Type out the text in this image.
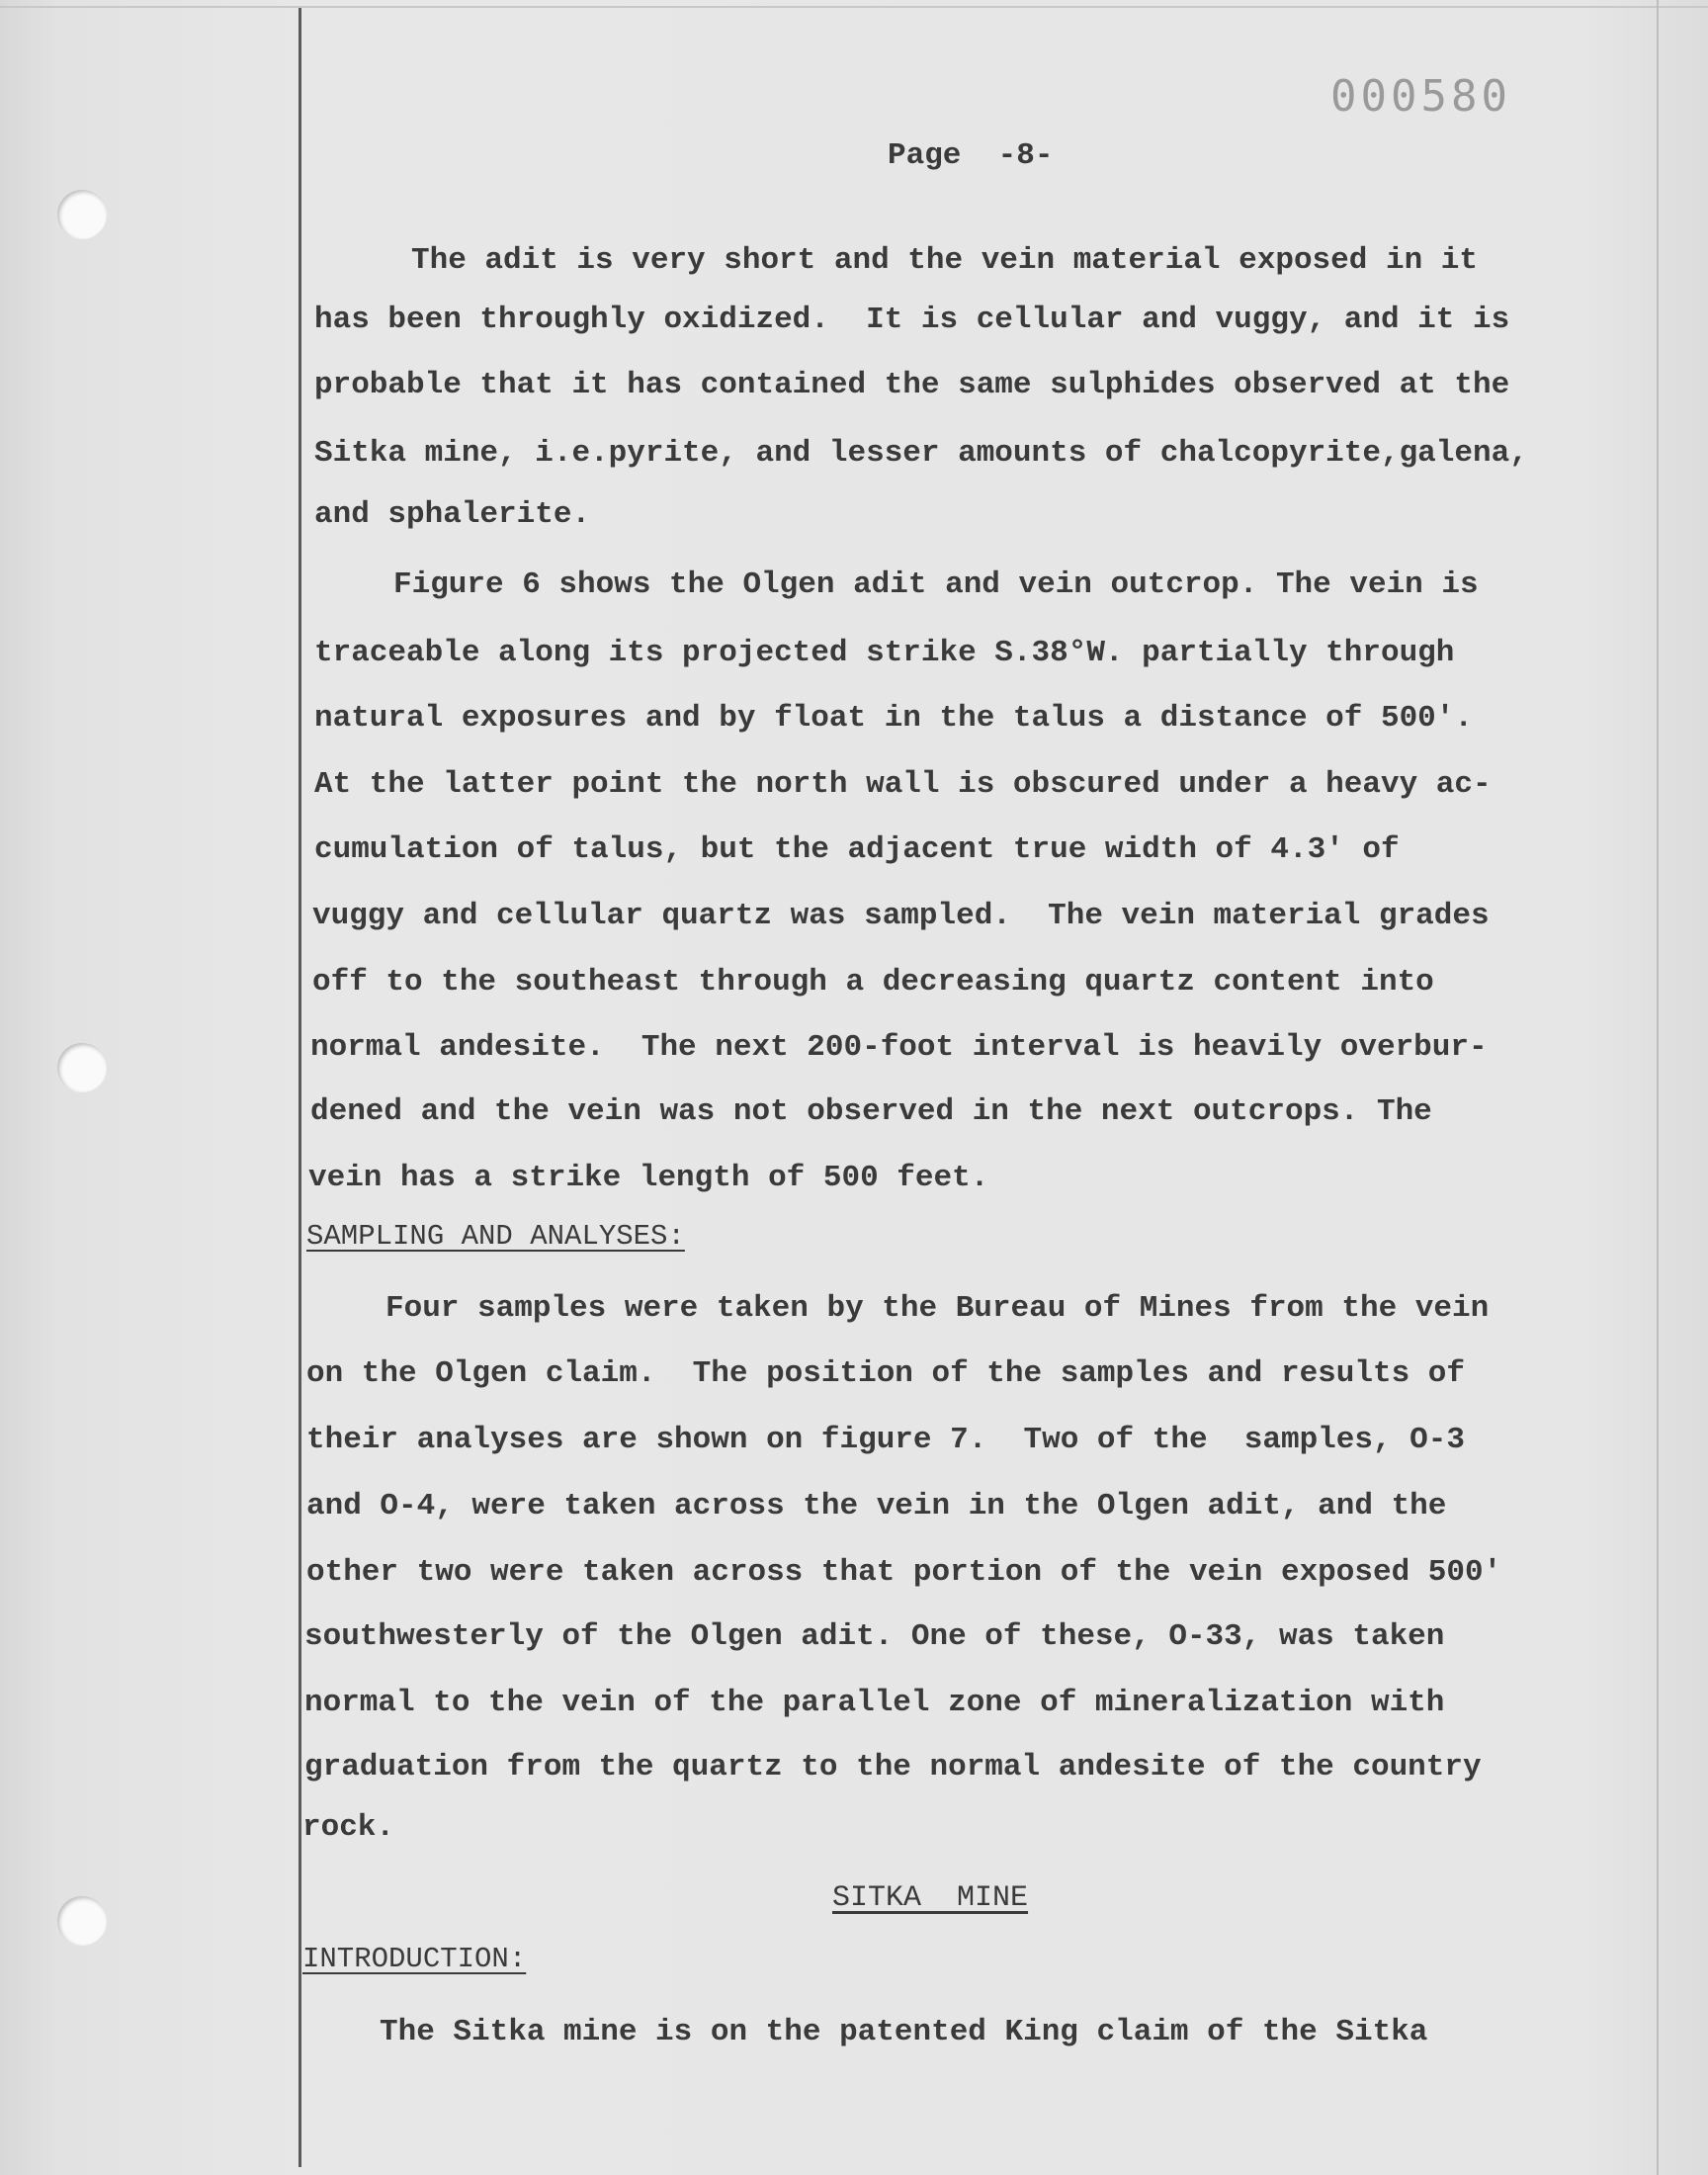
000580
Page  -8-
The adit is very short and the vein material exposed in it
has been throughly oxidized.  It is cellular and vuggy, and it is
probable that it has contained the same sulphides observed at the
Sitka mine, i.e.pyrite, and lesser amounts of chalcopyrite,galena,
and sphalerite.
Figure 6 shows the Olgen adit and vein outcrop. The vein is
traceable along its projected strike S.38°W. partially through
natural exposures and by float in the talus a distance of 500'.
At the latter point the north wall is obscured under a heavy ac-
cumulation of talus, but the adjacent true width of 4.3' of
vuggy and cellular quartz was sampled.  The vein material grades
off to the southeast through a decreasing quartz content into
normal andesite.  The next 200-foot interval is heavily overbur-
dened and the vein was not observed in the next outcrops. The
vein has a strike length of 500 feet.
SAMPLING AND ANALYSES:
Four samples were taken by the Bureau of Mines from the vein
on the Olgen claim.  The position of the samples and results of
their analyses are shown on figure 7.  Two of the  samples, O-3
and O-4, were taken across the vein in the Olgen adit, and the
other two were taken across that portion of the vein exposed 500'
southwesterly of the Olgen adit. One of these, O-33, was taken
normal to the vein of the parallel zone of mineralization with
graduation from the quartz to the normal andesite of the country
rock.
SITKA  MINE
INTRODUCTION:
The Sitka mine is on the patented King claim of the Sitka
